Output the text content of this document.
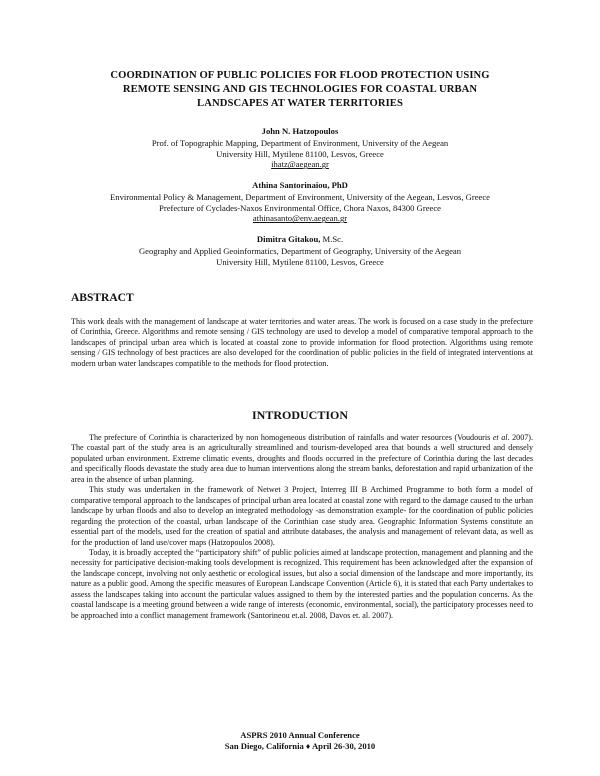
COORDINATION OF PUBLIC POLICIES FOR FLOOD PROTECTION USING
REMOTE SENSING AND GIS TECHNOLOGIES FOR COASTAL URBAN
LANDSCAPES AT WATER TERRITORIES
John N. Hatzopoulos
Prof. of Topographic Mapping, Department of Environment, University of the Aegean
University Hill, Mytilene 81100, Lesvos, Greece
ihatz@aegean.gr
Athina Santorinaiou, PhD
Environmental Policy & Management, Department of Environment, University of the Aegean, Lesvos, Greece
Prefecture of Cyclades-Naxos Environmental Office, Chora Naxos, 84300 Greece
athinasanto@env.aegean.gr
Dimitra Gitakou, M.Sc.
Geography and Applied Geoinformatics, Department of Geography, University of the Aegean
University Hill, Mytilene 81100, Lesvos, Greece
ABSTRACT

This work deals with the management of landscape at water territories and water areas. The work is focused on a case study in the prefecture of Corinthia, Greece. Algorithms and remote sensing / GIS technology are used to develop a model of comparative temporal approach to the landscapes of principal urban area which is located at coastal zone to provide information for flood protection. Algorithms using remote sensing / GIS technology of best practices are also developed for the coordination of public policies in the field of integrated interventions at modern urban water landscapes compatible to the methods for flood protection.

INTRODUCTION

The prefecture of Corinthia is characterized by non homogeneous distribution of rainfalls and water resources (Voudouris et al. 2007). The coastal part of the study area is an agriculturally streamlined and tourism-developed area that bounds a well structured and densely populated urban environment. Extreme climatic events, droughts and floods occurred in the prefecture of Corinthia during the last decades and specifically floods devastate the study area due to human interventions along the stream banks, deforestation and rapid urbanization of the area in the absence of urban planning.

This study was undertaken in the framework of Netwet 3 Project, Interreg III B Archimed Programme to both form a model of comparative temporal approach to the landscapes of principal urban area located at coastal zone with regard to the damage caused to the urban landscape by urban floods and also to develop an integrated methodology -as demonstration example- for the coordination of public policies regarding the protection of the coastal, urban landscape of the Corinthian case study area. Geographic Information Systems constitute an essential part of the models, used for the creation of spatial and attribute databases, the analysis and management of relevant data, as well as for the production of land use/cover maps (Hatzopoulos 2008).

Today, it is broadly accepted the “participatory shift” of public policies aimed at landscape protection, management and planning and the necessity for participative decision-making tools development is recognized. This requirement has been acknowledged after the expansion of the landscape concept, involving not only aesthetic or ecological issues, but also a social dimension of the landscape and more importantly, its nature as a public good. Among the specific measures of European Landscape Convention (Article 6), it is stated that each Party undertakes to assess the landscapes taking into account the particular values assigned to them by the interested parties and the population concerns. As the coastal landscape is a meeting ground between a wide range of interests (economic, environmental, social), the participatory processes need to be approached into a conflict management framework (Santorineou et.al. 2008, Davos et. al. 2007).

ASPRS 2010 Annual Conference
San Diego, California ♦ April 26-30, 2010
